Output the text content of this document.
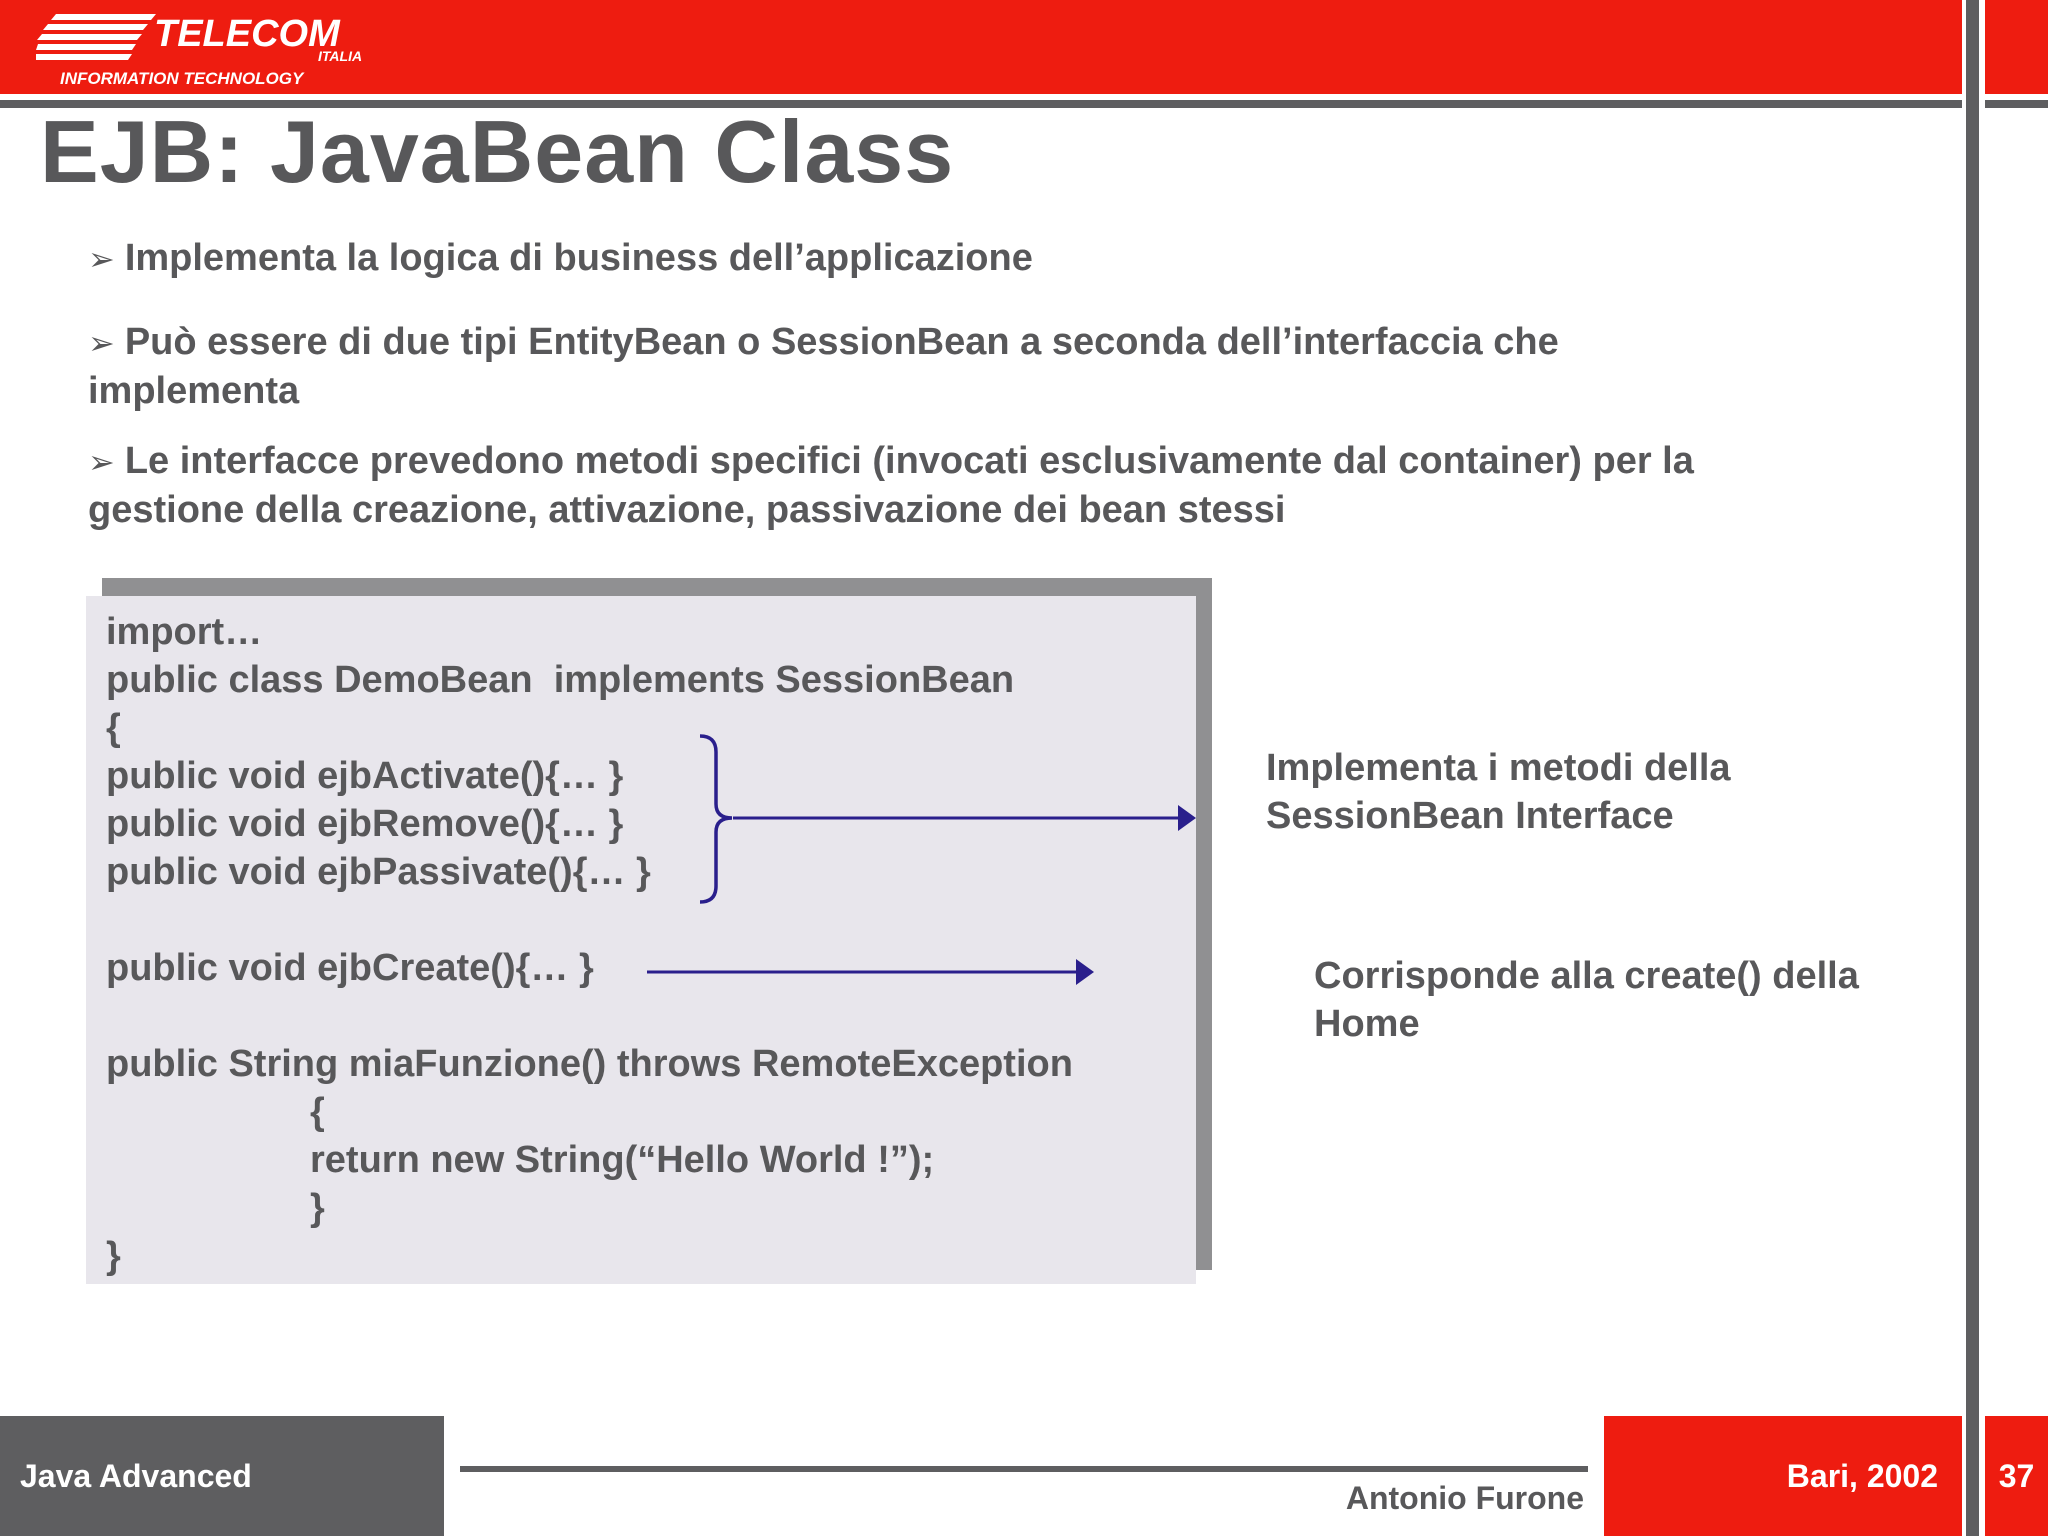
TELECOM
ITALIA
INFORMATION TECHNOLOGY
EJB: JavaBean Class
➢ Implementa la logica di business dell’applicazione
➢ Può essere di due tipi EntityBean o SessionBean a seconda dell’interfaccia che
implementa
➢ Le interfacce prevedono metodi specifici (invocati esclusivamente dal container) per la
gestione della creazione, attivazione, passivazione dei bean stessi
import…
public class DemoBean  implements SessionBean
{
public void ejbActivate(){… }
public void ejbRemove(){… }
public void ejbPassivate(){… }
public void ejbCreate(){… }
public String miaFunzione() throws RemoteException
{
return new String(“Hello World !”);
}
}
Implementa i metodi della
SessionBean Interface
Corrisponde alla create() della
Home
Java Advanced
Antonio Furone
Bari, 2002	37
